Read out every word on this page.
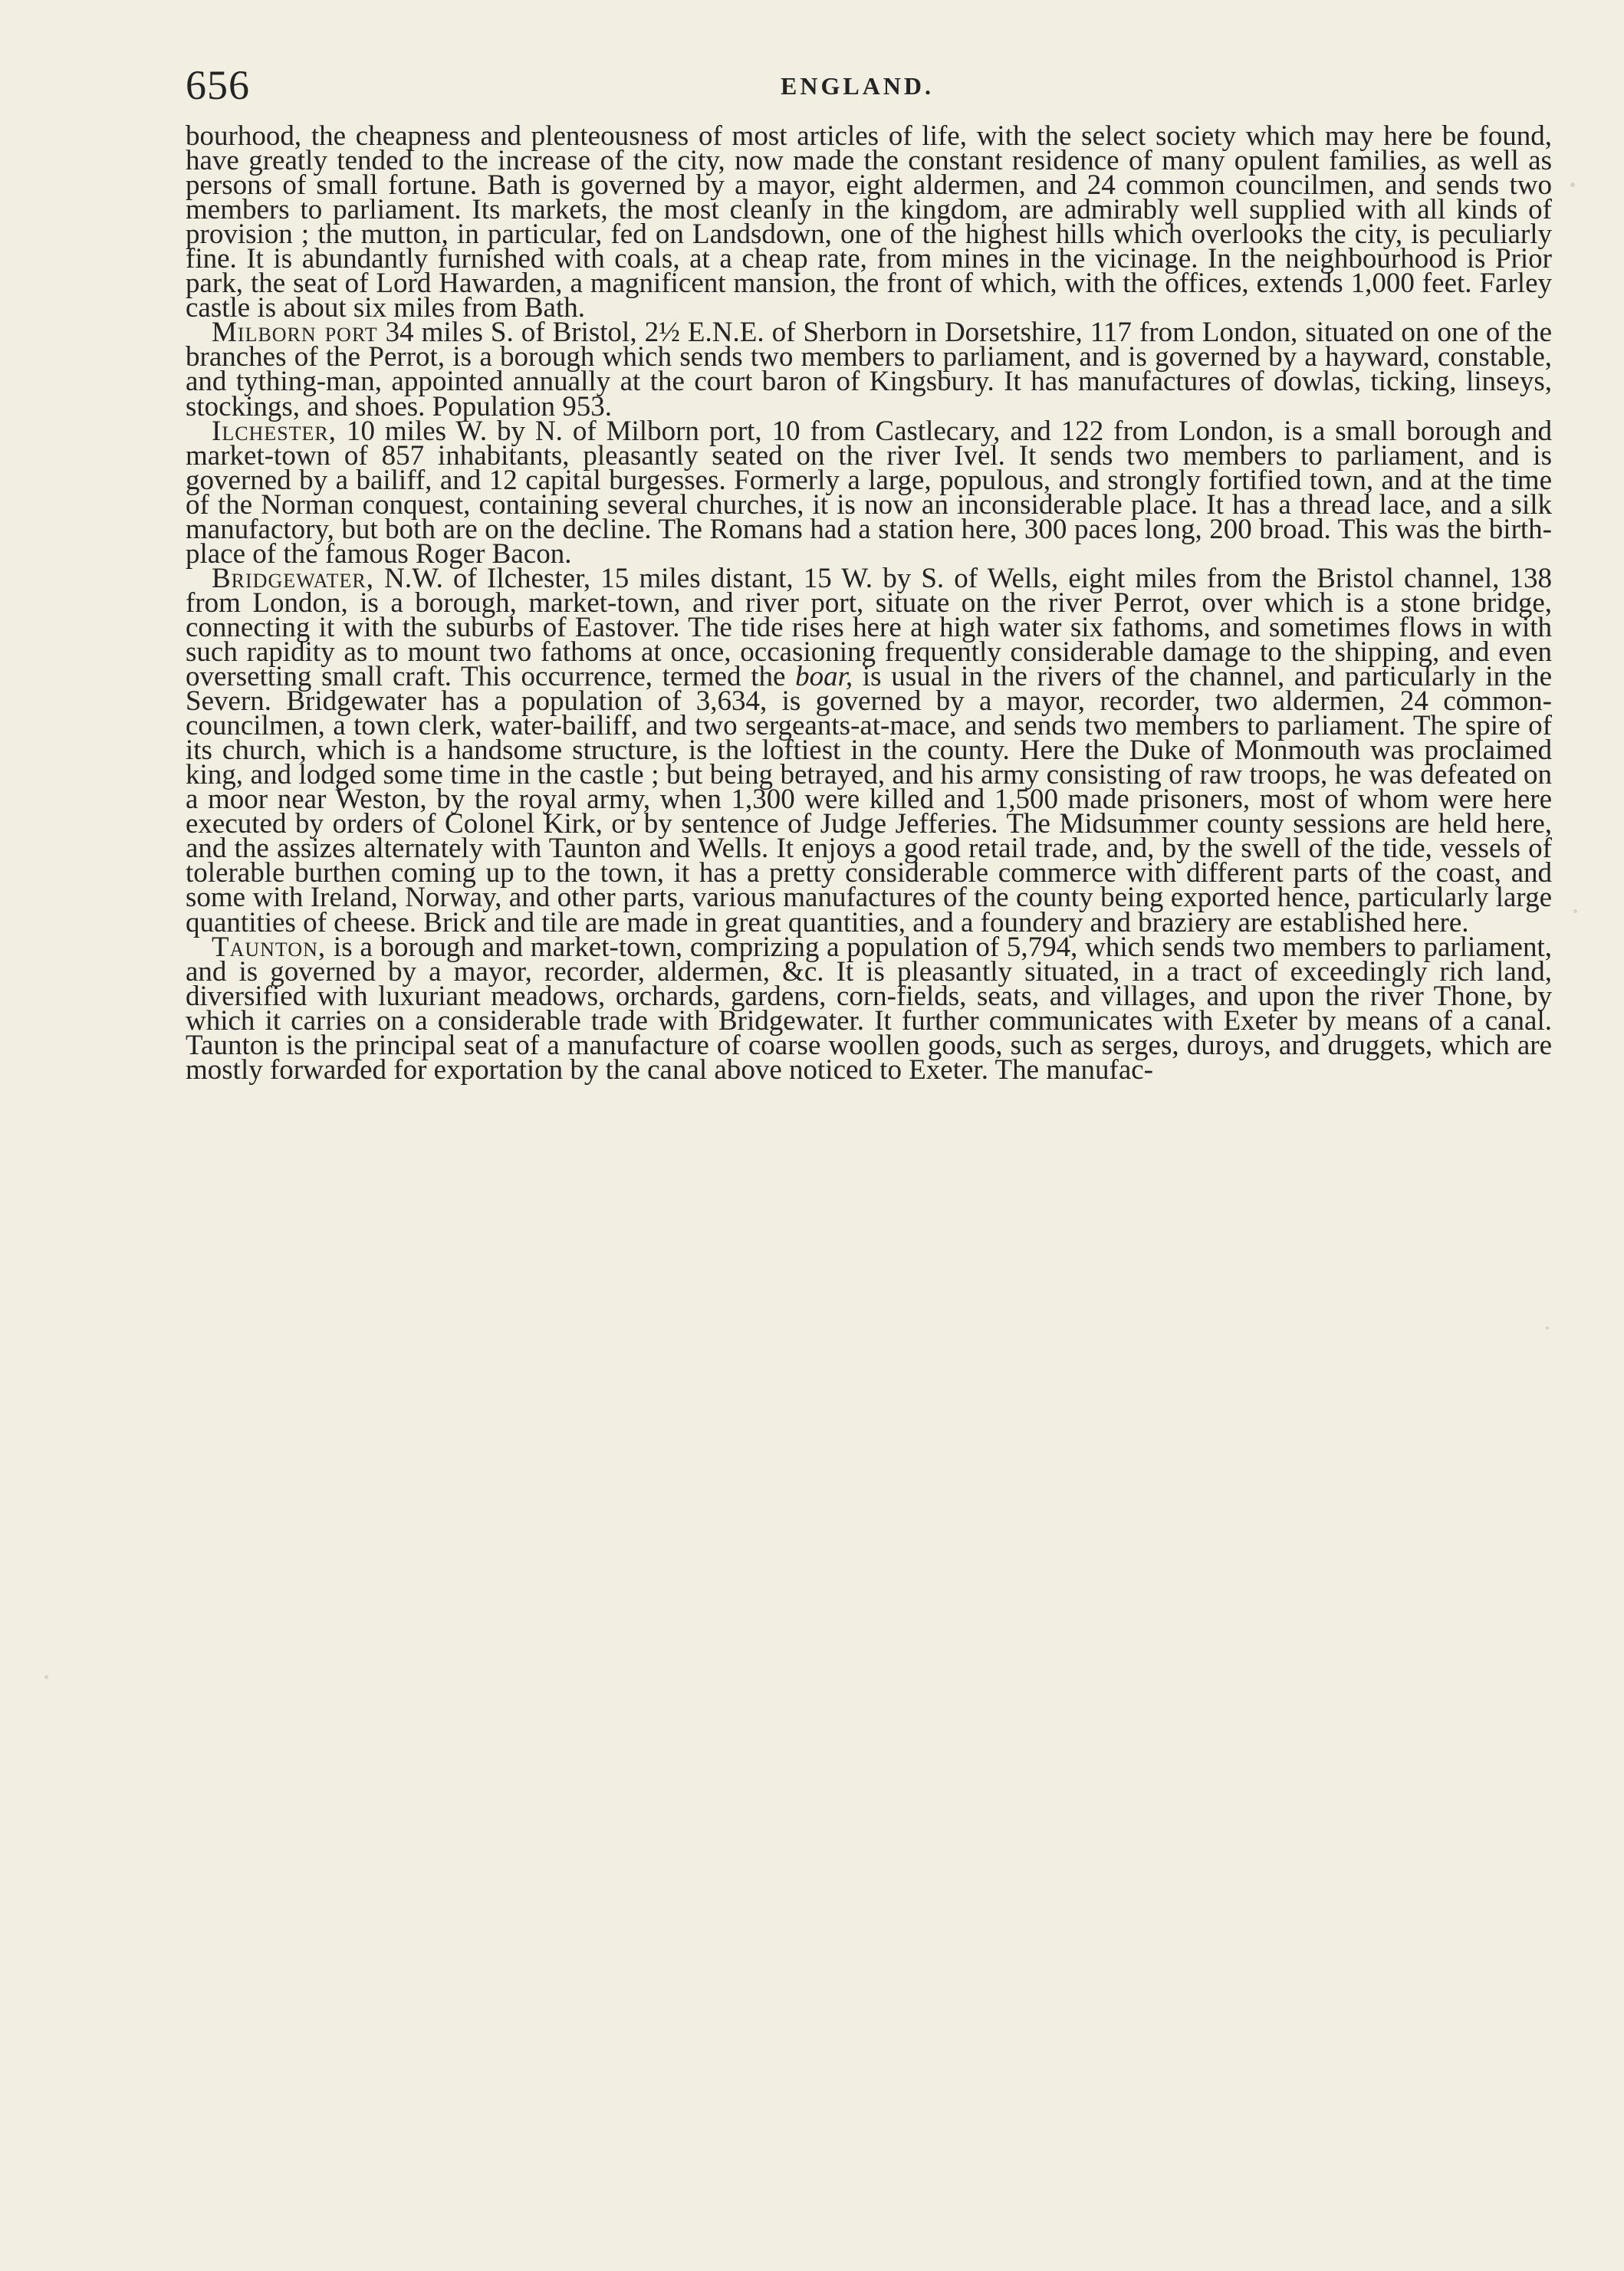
656	ENGLAND.

bourhood, the cheapness and plenteousness of most articles of life, with the select society which may here be found, have greatly tended to the increase of the city, now made the constant residence of many opulent families, as well as persons of small fortune. Bath is governed by a mayor, eight aldermen, and 24 common councilmen, and sends two members to parliament. Its markets, the most cleanly in the kingdom, are admirably well supplied with all kinds of provision ; the mutton, in particular, fed on Landsdown, one of the highest hills which overlooks the city, is peculiarly fine. It is abundantly furnished with coals, at a cheap rate, from mines in the vicinage. In the neighbourhood is Prior park, the seat of Lord Hawarden, a magnificent mansion, the front of which, with the offices, extends 1,000 feet. Farley castle is about six miles from Bath.

Milborn port 34 miles S. of Bristol, 2½ E.N.E. of Sherborn in Dorsetshire, 117 from London, situated on one of the branches of the Perrot, is a borough which sends two members to parliament, and is governed by a hayward, constable, and tything-man, appointed annually at the court baron of Kingsbury. It has manufactures of dowlas, ticking, linseys, stockings, and shoes. Population 953.

Ilchester, 10 miles W. by N. of Milborn port, 10 from Castlecary, and 122 from London, is a small borough and market-town of 857 inhabitants, pleasantly seated on the river Ivel. It sends two members to parliament, and is governed by a bailiff, and 12 capital burgesses. Formerly a large, populous, and strongly fortified town, and at the time of the Norman conquest, containing several churches, it is now an inconsiderable place. It has a thread lace, and a silk manufactory, but both are on the decline. The Romans had a station here, 300 paces long, 200 broad. This was the birth-place of the famous Roger Bacon.

Bridgewater, N.W. of Ilchester, 15 miles distant, 15 W. by S. of Wells, eight miles from the Bristol channel, 138 from London, is a borough, market-town, and river port, situate on the river Perrot, over which is a stone bridge, connecting it with the suburbs of Eastover. The tide rises here at high water six fathoms, and sometimes flows in with such rapidity as to mount two fathoms at once, occasioning frequently considerable damage to the shipping, and even oversetting small craft. This occurrence, termed the boar, is usual in the rivers of the channel, and particularly in the Severn. Bridgewater has a population of 3,634, is governed by a mayor, recorder, two aldermen, 24 common-councilmen, a town clerk, water-bailiff, and two sergeants-at-mace, and sends two members to parliament. The spire of its church, which is a handsome structure, is the loftiest in the county. Here the Duke of Monmouth was proclaimed king, and lodged some time in the castle ; but being betrayed, and his army consisting of raw troops, he was defeated on a moor near Weston, by the royal army, when 1,300 were killed and 1,500 made prisoners, most of whom were here executed by orders of Colonel Kirk, or by sentence of Judge Jefferies. The Midsummer county sessions are held here, and the assizes alternately with Taunton and Wells. It enjoys a good retail trade, and, by the swell of the tide, vessels of tolerable burthen coming up to the town, it has a pretty considerable commerce with different parts of the coast, and some with Ireland, Norway, and other parts, various manufactures of the county being exported hence, particularly large quantities of cheese. Brick and tile are made in great quantities, and a foundery and braziery are established here.

Taunton, is a borough and market-town, comprizing a population of 5,794, which sends two members to parliament, and is governed by a mayor, recorder, aldermen, &c. It is pleasantly situated, in a tract of exceedingly rich land, diversified with luxuriant meadows, orchards, gardens, corn-fields, seats, and villages, and upon the river Thone, by which it carries on a considerable trade with Bridgewater. It further communicates with Exeter by means of a canal. Taunton is the principal seat of a manufacture of coarse woollen goods, such as serges, duroys, and druggets, which are mostly forwarded for exportation by the canal above noticed to Exeter. The manufac-
